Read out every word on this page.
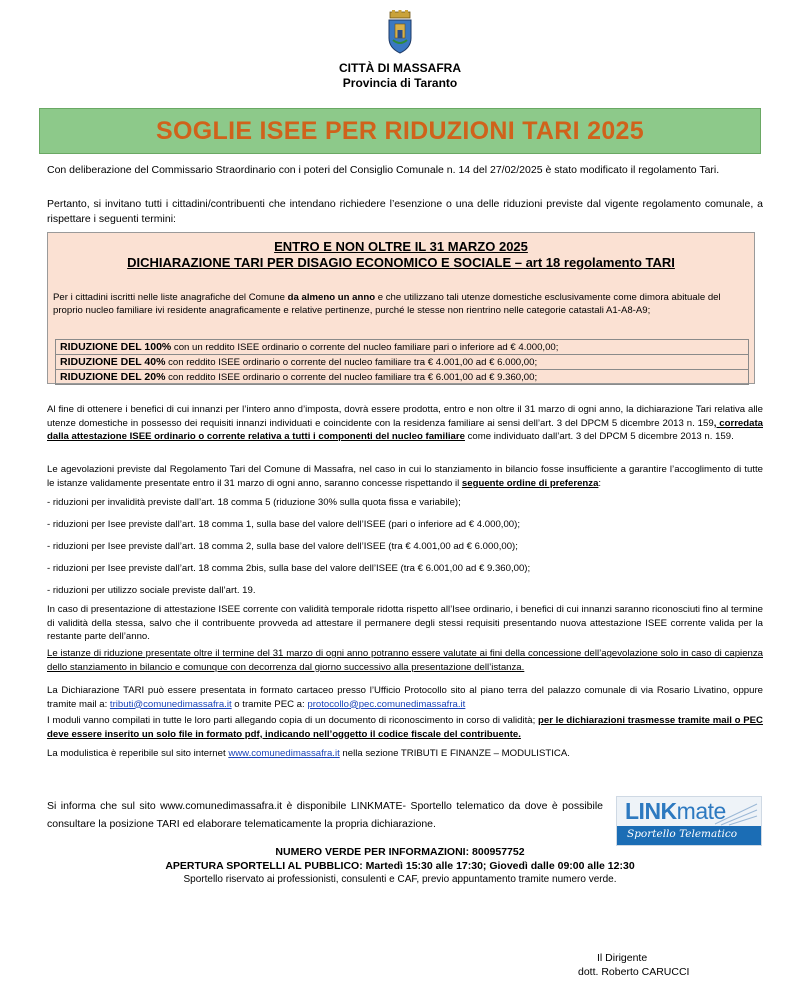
CITTÀ DI MASSAFRA
Provincia di Taranto
SOGLIE ISEE PER RIDUZIONI TARI 2025
Con deliberazione del Commissario Straordinario con i poteri del Consiglio Comunale n. 14 del 27/02/2025 è stato modificato il regolamento Tari.
Pertanto, si invitano tutti i cittadini/contribuenti che intendano richiedere l’esenzione o una delle riduzioni previste dal vigente regolamento comunale, a rispettare i seguenti termini:
ENTRO E NON OLTRE IL 31 MARZO 2025
DICHIARAZIONE TARI PER DISAGIO ECONOMICO E SOCIALE – art 18 regolamento TARI
Per i cittadini iscritti nelle liste anagrafiche del Comune da almeno un anno e che utilizzano tali utenze domestiche esclusivamente come dimora abituale del proprio nucleo familiare ivi residente anagraficamente e relative pertinenze, purché le stesse non rientrino nelle categorie catastali A1-A8-A9;
RIDUZIONE DEL 100% con un reddito ISEE ordinario o corrente del nucleo familiare pari o inferiore ad € 4.000,00;
RIDUZIONE DEL 40% con reddito ISEE ordinario o corrente del nucleo familiare tra € 4.001,00 ad € 6.000,00;
RIDUZIONE DEL 20% con reddito ISEE ordinario o corrente del nucleo familiare tra € 6.001,00 ad € 9.360,00;
Al fine di ottenere i benefici di cui innanzi per l’intero anno d’imposta, dovrà essere prodotta, entro e non oltre il 31 marzo di ogni anno, la dichiarazione Tari relativa alle utenze domestiche in possesso dei requisiti innanzi individuati e coincidente con la residenza familiare ai sensi dell’art. 3 del DPCM 5 dicembre 2013 n. 159, corredata dalla attestazione ISEE ordinario o corrente relativa a tutti i componenti del nucleo familiare come individuato dall’art. 3 del DPCM 5 dicembre 2013 n. 159.
Le agevolazioni previste dal Regolamento Tari del Comune di Massafra, nel caso in cui lo stanziamento in bilancio fosse insufficiente a garantire l’accoglimento di tutte le istanze validamente presentate entro il 31 marzo di ogni anno, saranno concesse rispettando il seguente ordine di preferenza:
- riduzioni per invalidità previste dall’art. 18 comma 5 (riduzione 30% sulla quota fissa e variabile);
- riduzioni per Isee previste dall’art. 18 comma 1, sulla base del valore dell’ISEE (pari o inferiore ad € 4.000,00);
- riduzioni per Isee previste dall’art. 18 comma 2, sulla base del valore dell’ISEE (tra € 4.001,00 ad € 6.000,00);
- riduzioni per Isee previste dall’art. 18 comma 2bis, sulla base del valore dell’ISEE (tra € 6.001,00 ad € 9.360,00);
- riduzioni per utilizzo sociale previste dall’art. 19.
In caso di presentazione di attestazione ISEE corrente con validità temporale ridotta rispetto all’Isee ordinario, i benefici di cui innanzi saranno riconosciuti fino al termine di validità della stessa, salvo che il contribuente provveda ad attestare il permanere degli stessi requisiti presentando nuova attestazione ISEE corrente valida per la restante parte dell’anno.
Le istanze di riduzione presentate oltre il termine del 31 marzo di ogni anno potranno essere valutate ai fini della concessione dell’agevolazione solo in caso di capienza dello stanziamento in bilancio e comunque con decorrenza dal giorno successivo alla presentazione dell’istanza.
La Dichiarazione TARI può essere presentata in formato cartaceo presso l’Ufficio Protocollo sito al piano terra del palazzo comunale di via Rosario Livatino, oppure tramite mail a: tributi@comunedimassafra.it o tramite PEC a: protocollo@pec.comunedimassafra.it
I moduli vanno compilati in tutte le loro parti allegando copia di un documento di riconoscimento in corso di validità; per le dichiarazioni trasmesse tramite mail o PEC deve essere inserito un solo file in formato pdf, indicando nell’oggetto il codice fiscale del contribuente.
La modulistica è reperibile sul sito internet www.comunedimassafra.it nella sezione TRIBUTI E FINANZE – MODULISTICA.
Si informa che sul sito www.comunedimassafra.it è disponibile LINKMATE- Sportello telematico da dove è possibile consultare la posizione TARI ed elaborare telematicamente la propria dichiarazione.	LINKmate
Sportello Telematico
NUMERO VERDE PER INFORMAZIONI: 800957752
APERTURA SPORTELLI AL PUBBLICO: Martedì 15:30 alle 17:30; Giovedì dalle 09:00 alle 12:30
Sportello riservato ai professionisti, consulenti e CAF, previo appuntamento tramite numero verde.
Il Dirigente
dott. Roberto CARUCCI
